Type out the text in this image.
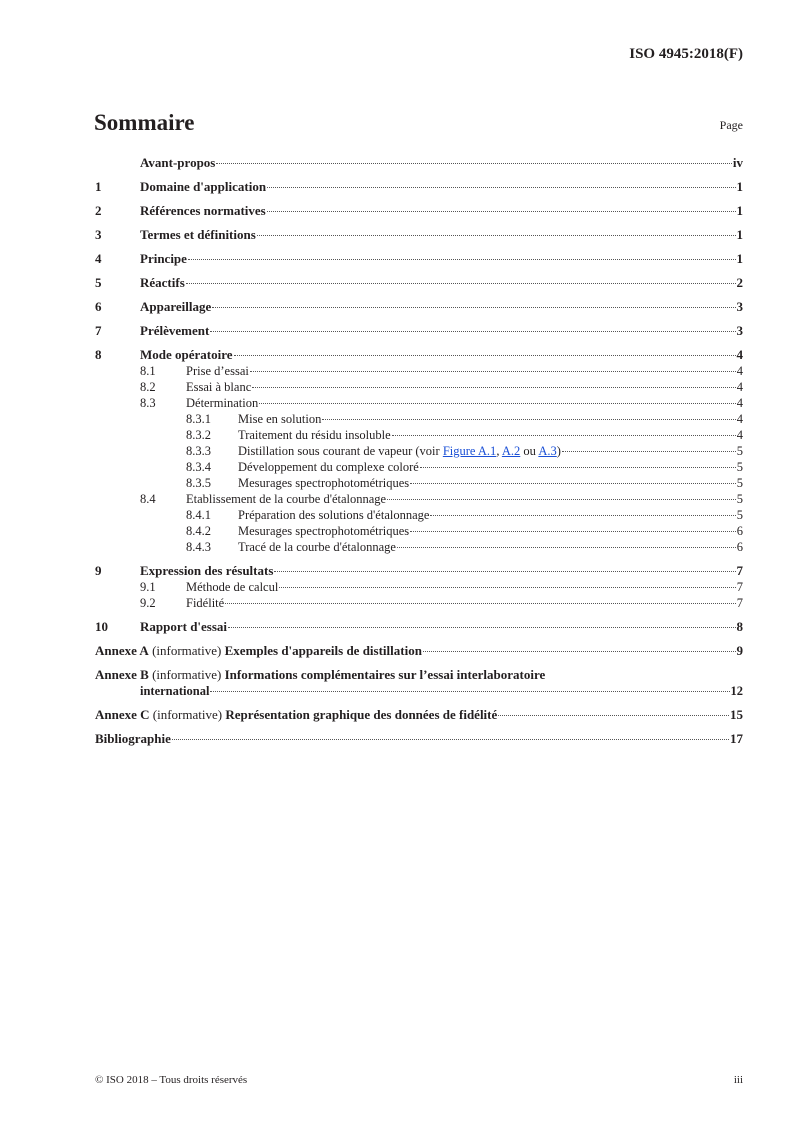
ISO 4945:2018(F)
Sommaire	Page
Avant-propos	iv
1	Domaine d'application	1
2	Références normatives	1
3	Termes et définitions	1
4	Principe	1
5	Réactifs	2
6	Appareillage	3
7	Prélèvement	3
8	Mode opératoire	4
8.1	Prise d’essai	4
8.2	Essai à blanc	4
8.3	Détermination	4
8.3.1	Mise en solution	4
8.3.2	Traitement du résidu insoluble	4
8.3.3	Distillation sous courant de vapeur (voir Figure A.1, A.2 ou A.3)	5
8.3.4	Développement du complexe coloré	5
8.3.5	Mesurages spectrophotométriques	5
8.4	Etablissement de la courbe d'étalonnage	5
8.4.1	Préparation des solutions d'étalonnage	5
8.4.2	Mesurages spectrophotométriques	6
8.4.3	Tracé de la courbe d'étalonnage	6
9	Expression des résultats	7
9.1	Méthode de calcul	7
9.2	Fidélité	7
10	Rapport d'essai	8
Annexe A (informative) Exemples d'appareils de distillation	9
Annexe B (informative) Informations complémentaires sur l’essai interlaboratoire
international	12
Annexe C (informative) Représentation graphique des données de fidélité	15
Bibliographie	17
© ISO 2018 – Tous droits réservés	iii
